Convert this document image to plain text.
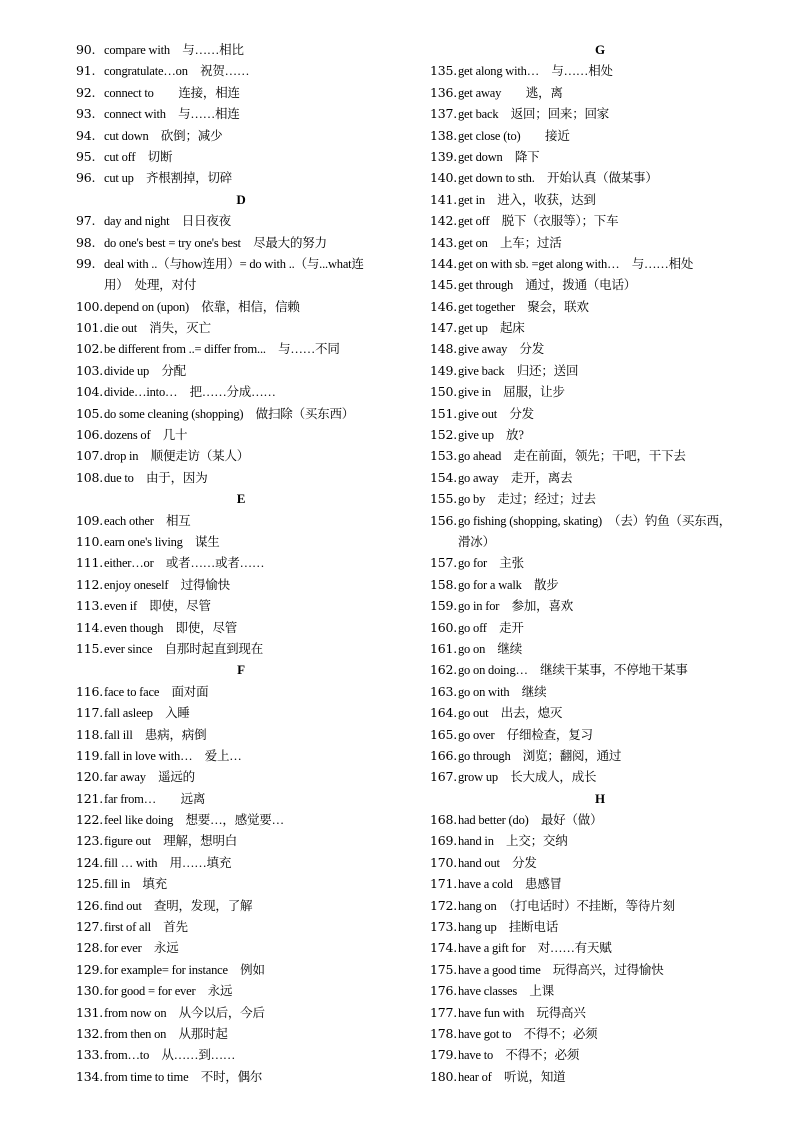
90. compare with　与……相比
91. congratulate…on　祝贺……
92. connect to　　连接，相连
93. connect with　与……相连
94. cut down　砍倒；减少
95. cut off　切断
96. cut up　齐根割掉，切碎
D
97. day and night　日日夜夜
98. do one's best = try one's best　尽最大的努力
99. deal with ..（与how连用）= do with ..（与...what连
用）　处理，对付
100.depend on (upon)　依靠，相信，信赖
101.die out　消失，灭亡
102.be different from ..= differ from...　与……不同
103.divide up　分配
104.divide…into…　把……分成……
105.do some cleaning (shopping)　做扫除（买东西）
106.dozens of　几十
107.drop in　顺便走访（某人）
108.due to　由于，因为
E
109.each other　相互
110.earn one's living　谋生
111.either…or　或者……或者……
112.enjoy oneself　过得愉快
113.even if　即使，尽管
114.even though　即使，尽管
115.ever since　自那时起直到现在
F
116.face to face　面对面
117.fall asleep　入睡
118.fall ill　患病，病倒
119.fall in love with…　爱上…
120.far away　遥远的
121.far from…　　远离
122.feel like doing　想要…，感觉要…
123.figure out　理解，想明白
124.fill … with　用……填充
125.fill in　填充
126.find out　查明，发现，了解
127.first of all　首先
128.for ever　永远
129.for example= for instance　例如
130.for good = for ever　永远
131.from now on　从今以后，今后
132.from then on　从那时起
133.from…to　从……到……
134.from time to time　不时，偶尔
G
135.get along with…　与……相处
136.get away　　逃，离
137.get back　返回；回来；回家
138.get close (to)　　接近
139.get down　降下
140.get down to sth.　开始认真（做某事）
141.get in　进入，收获，达到
142.get off　脱下（衣服等）；下车
143.get on　上车；过活
144.get on with sb. =get along with…　与……相处
145.get through　通过，拨通（电话）
146.get together　聚会，联欢
147.get up　起床
148.give away　分发
149.give back　归还；送回
150.give in　屈服，让步
151.give out　分发
152.give up　放?
153.go ahead　走在前面，领先；干吧，干下去
154.go away　走开，离去
155.go by　走过；经过；过去
156.go fishing (shopping, skating)　（去）钓鱼（买东西，
滑冰）
157.go for　主张
158.go for a walk　散步
159.go in for　参加，喜欢
160.go off　走开
161.go on　继续
162.go on doing…　继续干某事，不停地干某事
163.go on with　继续
164.go out　出去，熄灭
165.go over　仔细检查，复习
166.go through　浏览；翻阅，通过
167.grow up　长大成人，成长
H
168.had better (do)　最好（做）
169.hand in　上交；交纳
170.hand out　分发
171.have a cold　患感冒
172.hang on　（打电话时）不挂断，等待片刻
173.hang up　挂断电话
174.have a gift for　对……有天赋
175.have a good time　玩得高兴，过得愉快
176.have classes　上课
177.have fun with　玩得高兴
178.have got to　不得不；必须
179.have to　不得不；必须
180.hear of　听说，知道
